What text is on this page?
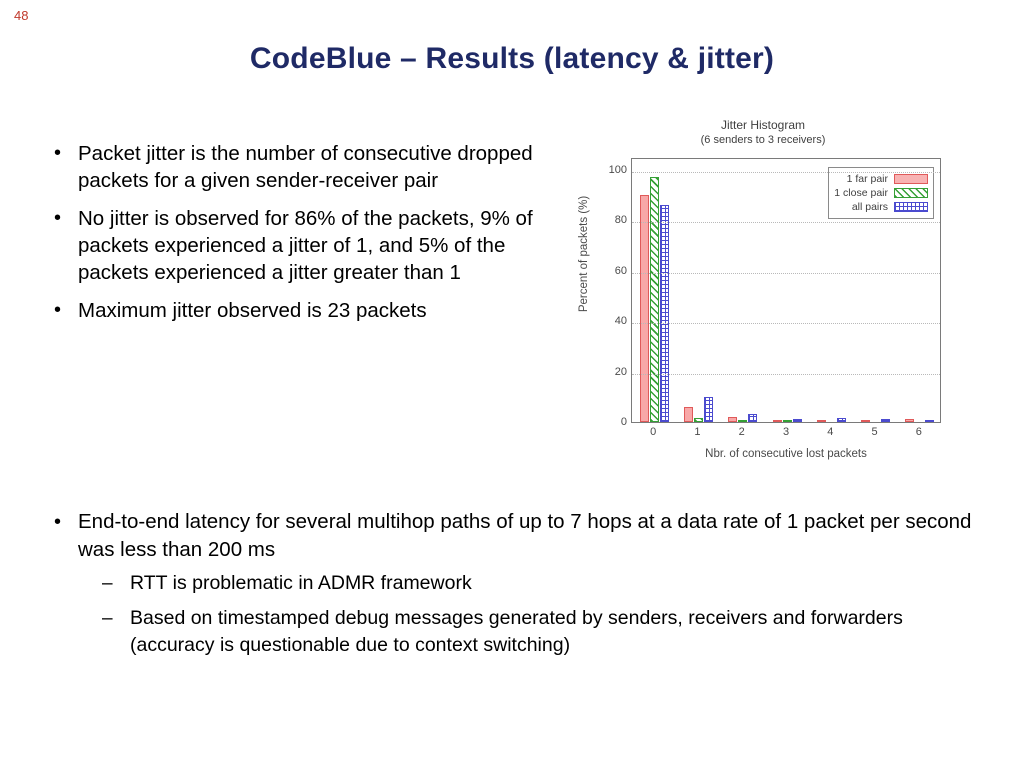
48
CodeBlue – Results (latency & jitter)
• Packet jitter is the number of consecutive dropped packets for a given sender-receiver pair
• No jitter is observed for 86% of the packets, 9% of packets experienced a jitter of 1, and 5% of the packets experienced a jitter greater than 1
• Maximum jitter observed is 23 packets
• End-to-end latency for several multihop paths of up to 7 hops at a data rate of 1 packet per second was less than 200 ms
– RTT is problematic in ADMR framework
– Based on timestamped debug messages generated by senders, receivers and forwarders (accuracy is questionable due to context switching)
Jitter Histogram
(6 senders to 3 receivers)
0
20
40
60
80
100
1 far pair
1 close pair
all pairs
0	1	2	3	4	5	6
Percent of packets (%)
Nbr. of consecutive lost packets
